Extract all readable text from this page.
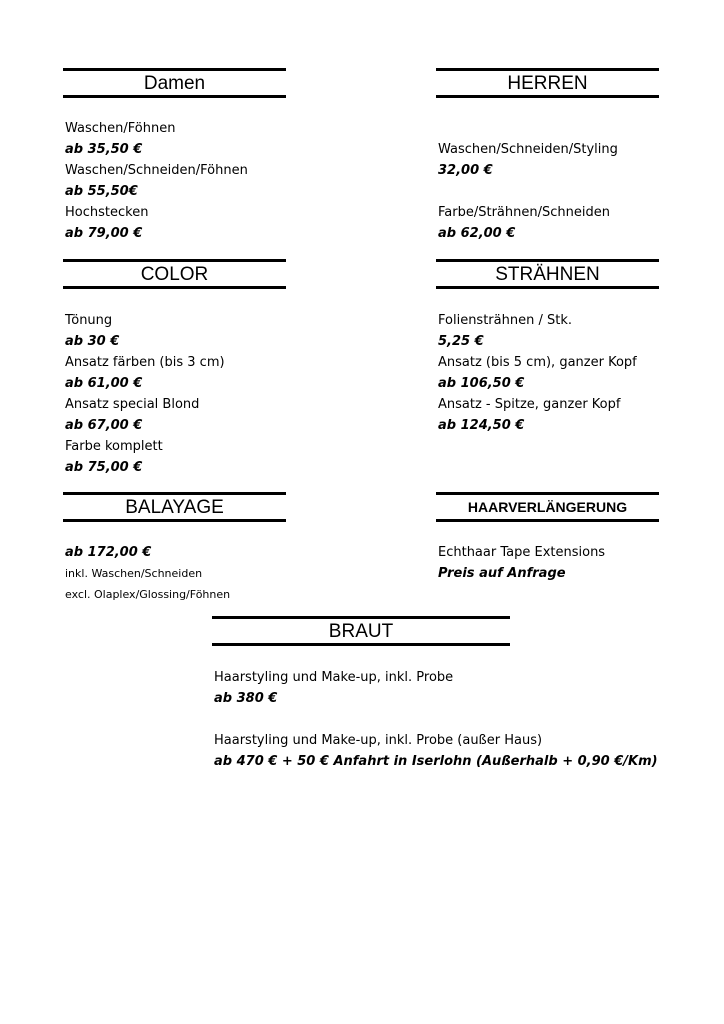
Damen
Waschen/Föhnen
ab 35,50 €
Waschen/Schneiden/Föhnen
ab 55,50€
Hochstecken
ab 79,00 €
HERREN
Waschen/Schneiden/Styling
32,00 €
Farbe/Strähnen/Schneiden
ab 62,00 €
COLOR
Tönung
ab 30 €
Ansatz färben (bis 3 cm)
ab 61,00 €
Ansatz special Blond
ab 67,00 €
Farbe komplett
ab 75,00 €
STRÄHNEN
Foliensträhnen / Stk.
5,25 €
Ansatz (bis 5 cm), ganzer Kopf
ab 106,50 €
Ansatz - Spitze, ganzer Kopf
ab 124,50 €
BALAYAGE
ab 172,00 €
inkl. Waschen/Schneiden
excl. Olaplex/Glossing/Föhnen
HAARVERLÄNGERUNG
Echthaar Tape Extensions
Preis auf Anfrage
BRAUT
Haarstyling und Make-up, inkl. Probe
ab 380 €
Haarstyling und Make-up, inkl. Probe (außer Haus)
ab 470 € + 50 € Anfahrt in Iserlohn (Außerhalb + 0,90 €/Km)
